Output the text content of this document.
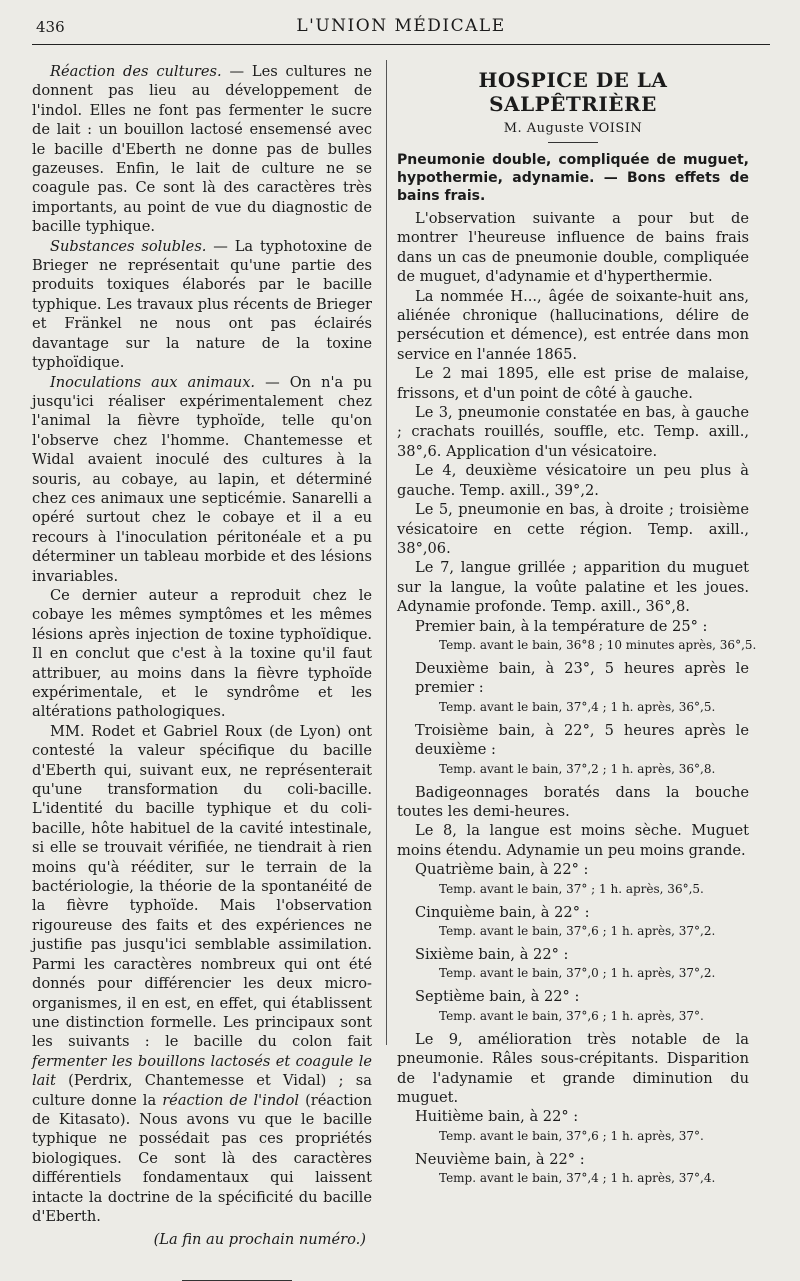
436	L'UNION MÉDICALE

Réaction des cultures. — Les cultures ne donnent pas lieu au développement de l'indol. Elles ne font pas fermenter le sucre de lait : un bouillon lactosé ensemensé avec le bacille d'Eberth ne donne pas de bulles gazeuses. Enfin, le lait de culture ne se coagule pas. Ce sont là des caractères très importants, au point de vue du diagnostic de bacille typhique.

Substances solubles. — La typhotoxine de Brieger ne représentait qu'une partie des produits toxiques élaborés par le bacille typhique. Les travaux plus récents de Brieger et Fränkel ne nous ont pas éclairés davantage sur la nature de la toxine typhoïdique.

Inoculations aux animaux. — On n'a pu jusqu'ici réaliser expérimentalement chez l'animal la fièvre typhoïde, telle qu'on l'observe chez l'homme. Chantemesse et Widal avaient inoculé des cultures à la souris, au cobaye, au lapin, et déterminé chez ces animaux une septicémie. Sanarelli a opéré surtout chez le cobaye et il a eu recours à l'inoculation péritonéale et a pu déterminer un tableau morbide et des lésions invariables.

Ce dernier auteur a reproduit chez le cobaye les mêmes symptômes et les mêmes lésions après injection de toxine typhoïdique. Il en conclut que c'est à la toxine qu'il faut attribuer, au moins dans la fièvre typhoïde expérimentale, et le syndrôme et les altérations pathologiques.

MM. Rodet et Gabriel Roux (de Lyon) ont contesté la valeur spécifique du bacille d'Eberth qui, suivant eux, ne représenterait qu'une transformation du coli-bacille. L'identité du bacille typhique et du coli-bacille, hôte habituel de la cavité intestinale, si elle se trouvait vérifiée, ne tiendrait à rien moins qu'à rééditer, sur le terrain de la bactériologie, la théorie de la spontanéité de la fièvre typhoïde. Mais l'observation rigoureuse des faits et des expériences ne justifie pas jusqu'ici semblable assimilation. Parmi les caractères nombreux qui ont été donnés pour différencier les deux micro-organismes, il en est, en effet, qui établissent une distinction formelle. Les principaux sont les suivants : le bacille du colon fait fermenter les bouillons lactosés et coagule le lait (Perdrix, Chantemesse et Vidal) ; sa culture donne la réaction de l'indol (réaction de Kitasato). Nous avons vu que le bacille typhique ne possédait pas ces propriétés biologiques. Ce sont là des caractères différentiels fondamentaux qui laissent intacte la doctrine de la spécificité du bacille d'Eberth.

(La fin au prochain numéro.)

HOSPICE DE LA SALPÊTRIÈRE
M. Auguste VOISIN
Pneumonie double, compliquée de muguet, hypothermie, adynamie. — Bons effets de bains frais.

L'observation suivante a pour but de montrer l'heureuse influence de bains frais dans un cas de pneumonie double, compliquée de muguet, d'adynamie et d'hyperthermie.

La nommée H..., âgée de soixante-huit ans, aliénée chronique (hallucinations, délire de persécution et démence), est entrée dans mon service en l'année 1865.

Le 2 mai 1895, elle est prise de malaise, frissons, et d'un point de côté à gauche.

Le 3, pneumonie constatée en bas, à gauche ; crachats rouillés, souffle, etc. Temp. axill., 38°,6. Application d'un vésicatoire.

Le 4, deuxième vésicatoire un peu plus à gauche. Temp. axill., 39°,2.

Le 5, pneumonie en bas, à droite ; troisième vésicatoire en cette région. Temp. axill., 38°,06.

Le 7, langue grillée ; apparition du muguet sur la langue, la voûte palatine et les joues. Adynamie profonde. Temp. axill., 36°,8.

Premier bain, à la température de 25° :

Temp. avant le bain, 36°8 ; 10 minutes après, 36°,5.

Deuxième bain, à 23°, 5 heures après le premier :

Temp. avant le bain, 37°,4 ; 1 h. après, 36°,5.

Troisième bain, à 22°, 5 heures après le deuxième :

Temp. avant le bain, 37°,2 ; 1 h. après, 36°,8.

Badigeonnages boratés dans la bouche toutes les demi-heures.

Le 8, la langue est moins sèche. Muguet moins étendu. Adynamie un peu moins grande.

Quatrième bain, à 22° :

Temp. avant le bain, 37° ; 1 h. après, 36°,5.

Cinquième bain, à 22° :

Temp. avant le bain, 37°,6 ; 1 h. après, 37°,2.

Sixième bain, à 22° :

Temp. avant le bain, 37°,0 ; 1 h. après, 37°,2.

Septième bain, à 22° :

Temp. avant le bain, 37°,6 ; 1 h. après, 37°.

Le 9, amélioration très notable de la pneumonie. Râles sous-crépitants. Disparition de l'adynamie et grande diminution du muguet.

Huitième bain, à 22° :

Temp. avant le bain, 37°,6 ; 1 h. après, 37°.

Neuvième bain, à 22° :

Temp. avant le bain, 37°,4 ; 1 h. après, 37°,4.
